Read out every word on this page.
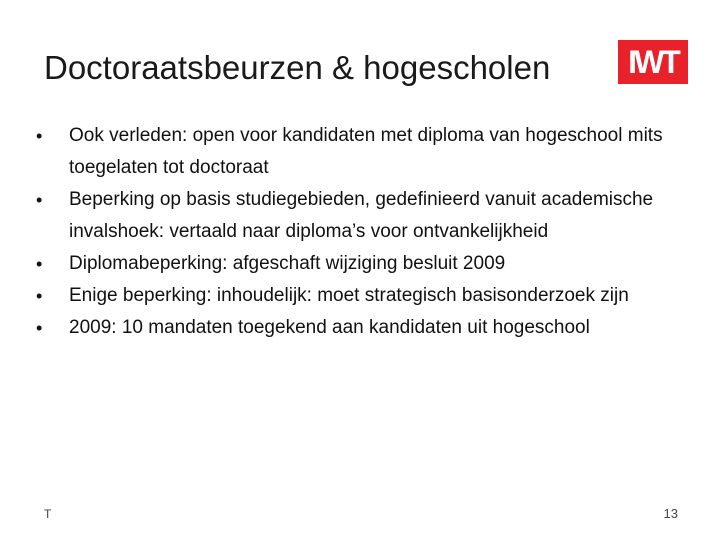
Doctoraatsbeurzen & hogescholen	IWT
•	Ook verleden: open voor kandidaten met diploma van hogeschool mits toegelaten tot doctoraat
•	Beperking op basis studiegebieden, gedefinieerd vanuit academische invalshoek: vertaald naar diploma’s voor ontvankelijkheid
•	Diplomabeperking: afgeschaft wijziging besluit 2009
•	Enige beperking: inhoudelijk: moet strategisch basisonderzoek zijn
•	2009: 10 mandaten toegekend aan kandidaten uit hogeschool
T	13
